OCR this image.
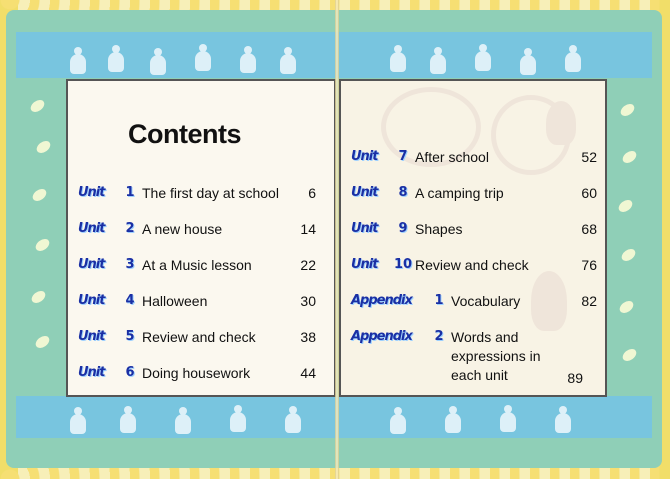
Contents
Unit	1 The first day at school	6
Unit	2 A new house	14
Unit	3 At a Music lesson	22
Unit	4 Halloween	30
Unit	5 Review and check	38
Unit	6 Doing housework	44
Unit	7 After school	52
Unit	8 A camping trip	60
Unit	9 Shapes	68
Unit	10 Review and check	76
Appendix	1 Vocabulary	82
Appendix	2 Words and expressions in each unit	89
